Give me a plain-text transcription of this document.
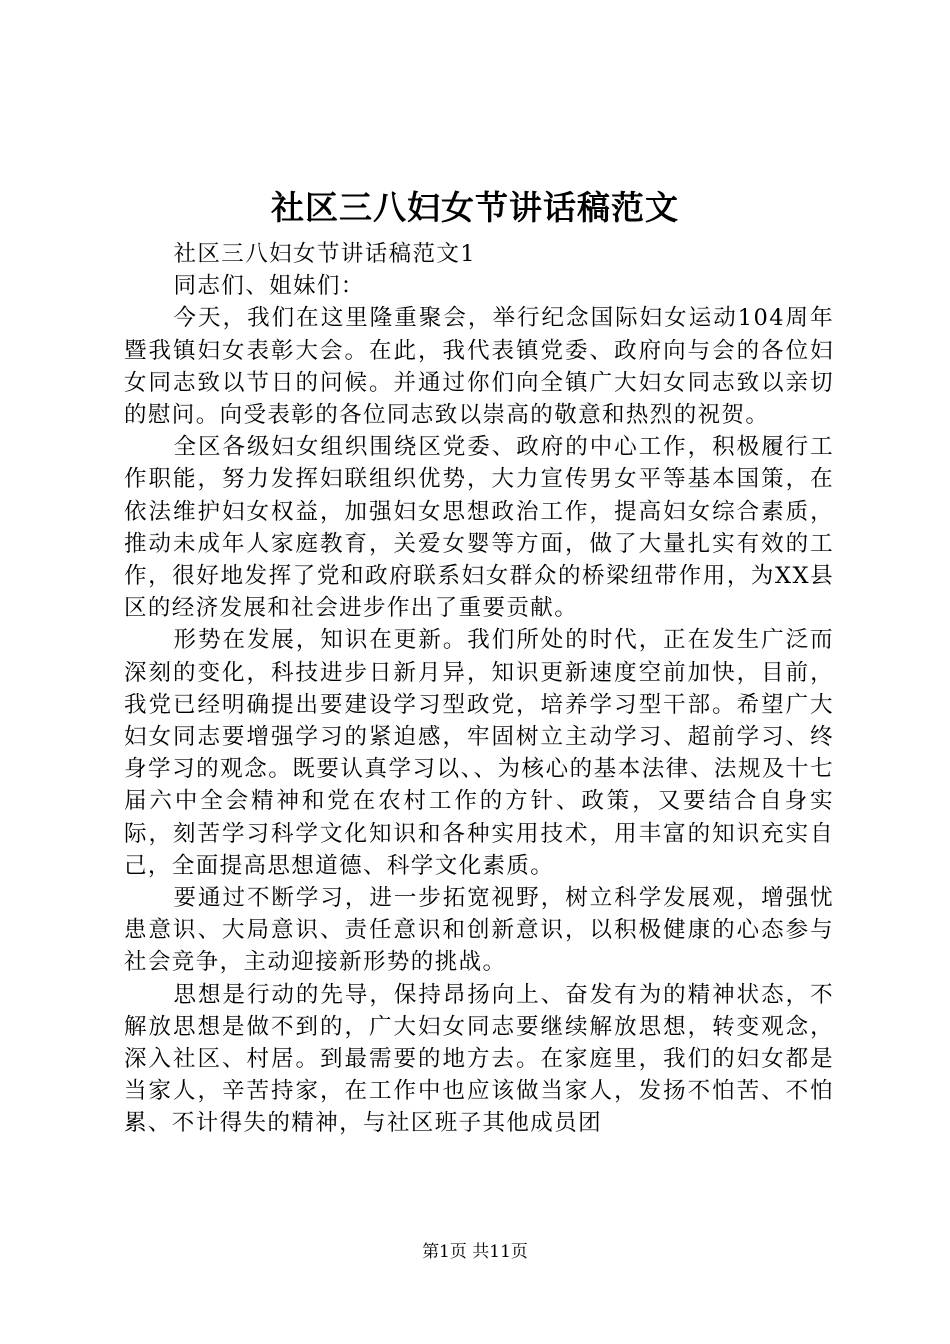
社区三八妇女节讲话稿范文

社区三八妇女节讲话稿范文1

同志们、姐妹们：

今天，我们在这里隆重聚会，举行纪念国际妇女运动104周年暨我镇妇女表彰大会。在此，我代表镇党委、政府向与会的各位妇女同志致以节日的问候。并通过你们向全镇广大妇女同志致以亲切的慰问。向受表彰的各位同志致以崇高的敬意和热烈的祝贺。

全区各级妇女组织围绕区党委、政府的中心工作，积极履行工作职能，努力发挥妇联组织优势，大力宣传男女平等基本国策，在依法维护妇女权益，加强妇女思想政治工作，提高妇女综合素质，推动未成年人家庭教育，关爱女婴等方面，做了大量扎实有效的工作，很好地发挥了党和政府联系妇女群众的桥梁纽带作用，为XX县区的经济发展和社会进步作出了重要贡献。

形势在发展，知识在更新。我们所处的时代，正在发生广泛而深刻的变化，科技进步日新月异，知识更新速度空前加快，目前，我党已经明确提出要建设学习型政党，培养学习型干部。希望广大妇女同志要增强学习的紧迫感，牢固树立主动学习、超前学习、终身学习的观念。既要认真学习以、、为核心的基本法律、法规及十七届六中全会精神和党在农村工作的方针、政策，又要结合自身实际，刻苦学习科学文化知识和各种实用技术，用丰富的知识充实自己，全面提高思想道德、科学文化素质。

要通过不断学习，进一步拓宽视野，树立科学发展观，增强忧患意识、大局意识、责任意识和创新意识，以积极健康的心态参与社会竞争，主动迎接新形势的挑战。

思想是行动的先导，保持昂扬向上、奋发有为的精神状态，不解放思想是做不到的，广大妇女同志要继续解放思想，转变观念，深入社区、村居。到最需要的地方去。在家庭里，我们的妇女都是当家人，辛苦持家，在工作中也应该做当家人，发扬不怕苦、不怕累、不计得失的精神，与社区班子其他成员团

第1页 共11页
